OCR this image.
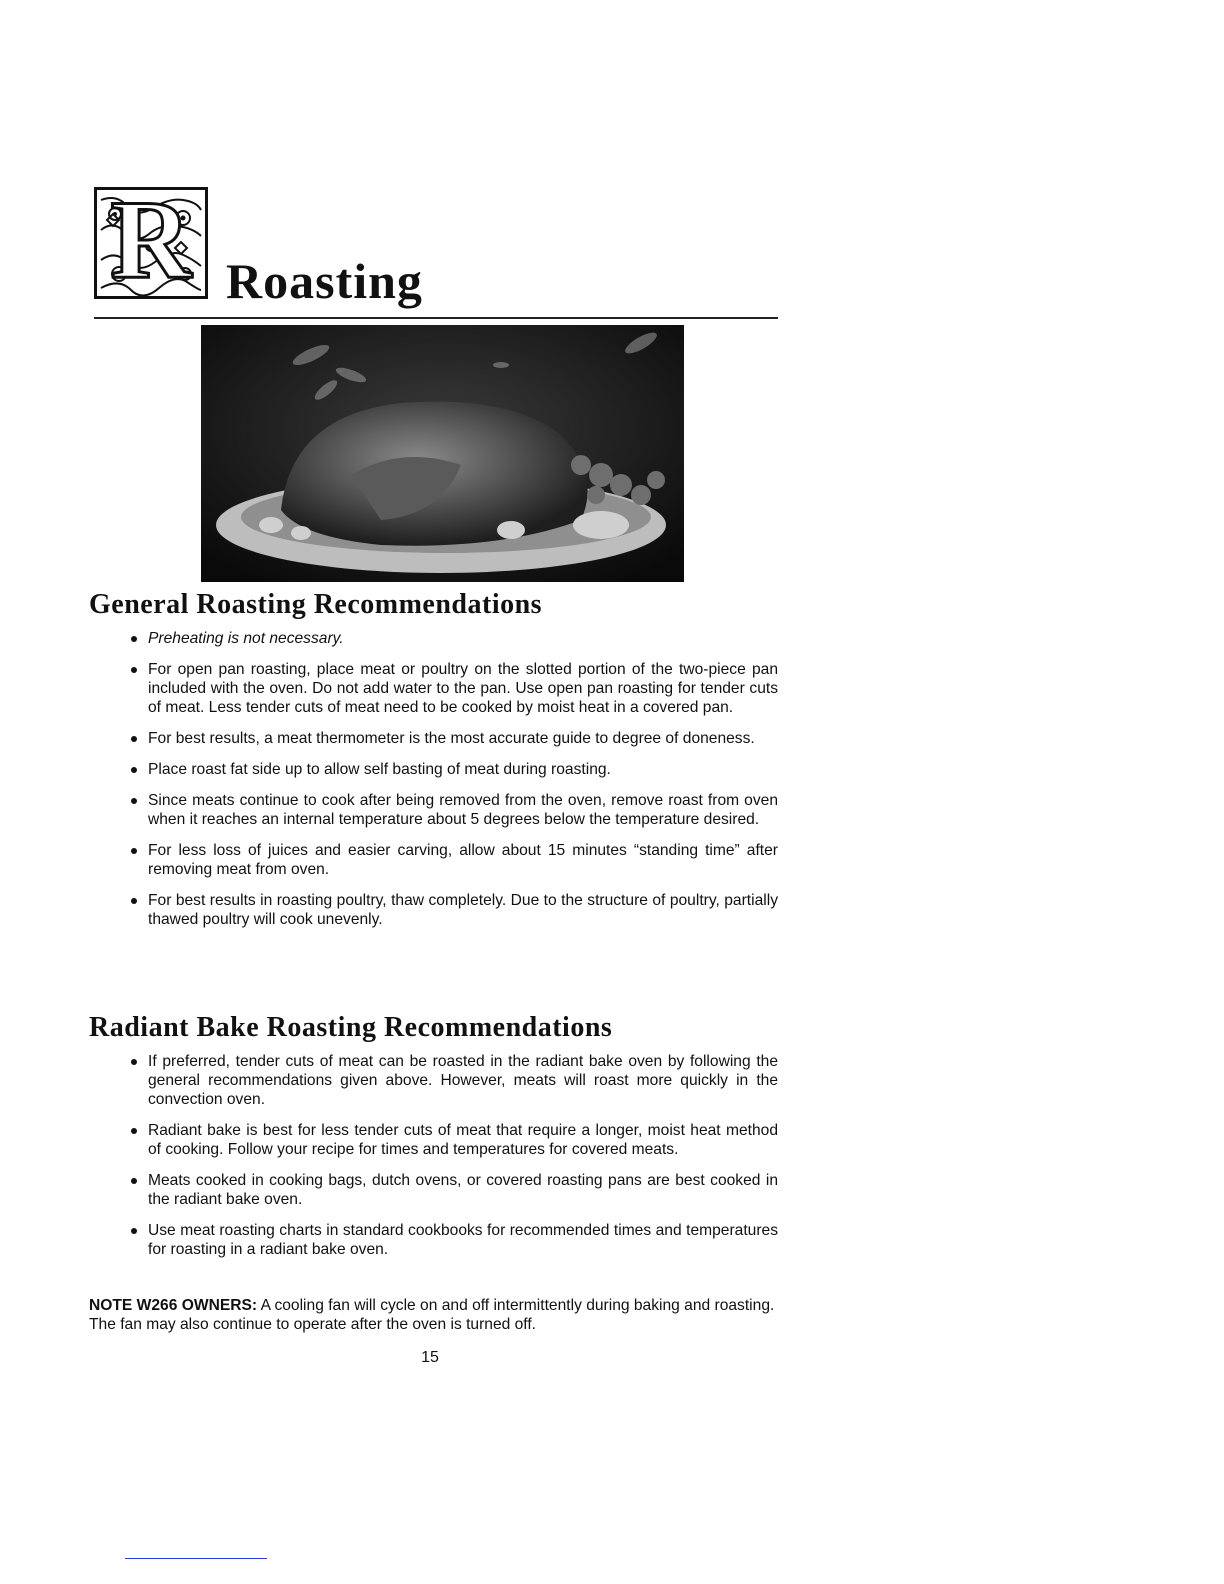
R Roasting
General Roasting Recommendations
Preheating is not necessary.
For open pan roasting, place meat or poultry on the slotted portion of the two-piece pan included with the oven. Do not add water to the pan. Use open pan roasting for tender cuts of meat. Less tender cuts of meat need to be cooked by moist heat in a covered pan.
For best results, a meat thermometer is the most accurate guide to degree of doneness.
Place roast fat side up to allow self basting of meat during roasting.
Since meats continue to cook after being removed from the oven, remove roast from oven when it reaches an internal temperature about 5 degrees below the temperature desired.
For less loss of juices and easier carving, allow about 15 minutes “standing time” after removing meat from oven.
For best results in roasting poultry, thaw completely. Due to the structure of poultry, partially thawed poultry will cook unevenly.
Radiant Bake Roasting Recommendations
If preferred, tender cuts of meat can be roasted in the radiant bake oven by following the general recommendations given above. However, meats will roast more quickly in the convection oven.
Radiant bake is best for less tender cuts of meat that require a longer, moist heat method of cooking. Follow your recipe for times and temperatures for covered meats.
Meats cooked in cooking bags, dutch ovens, or covered roasting pans are best cooked in the radiant bake oven.
Use meat roasting charts in standard cookbooks for recommended times and temperatures for roasting in a radiant bake oven.

NOTE W266 OWNERS: A cooling fan will cycle on and off intermittently during baking and roasting. The fan may also continue to operate after the oven is turned off.

15
